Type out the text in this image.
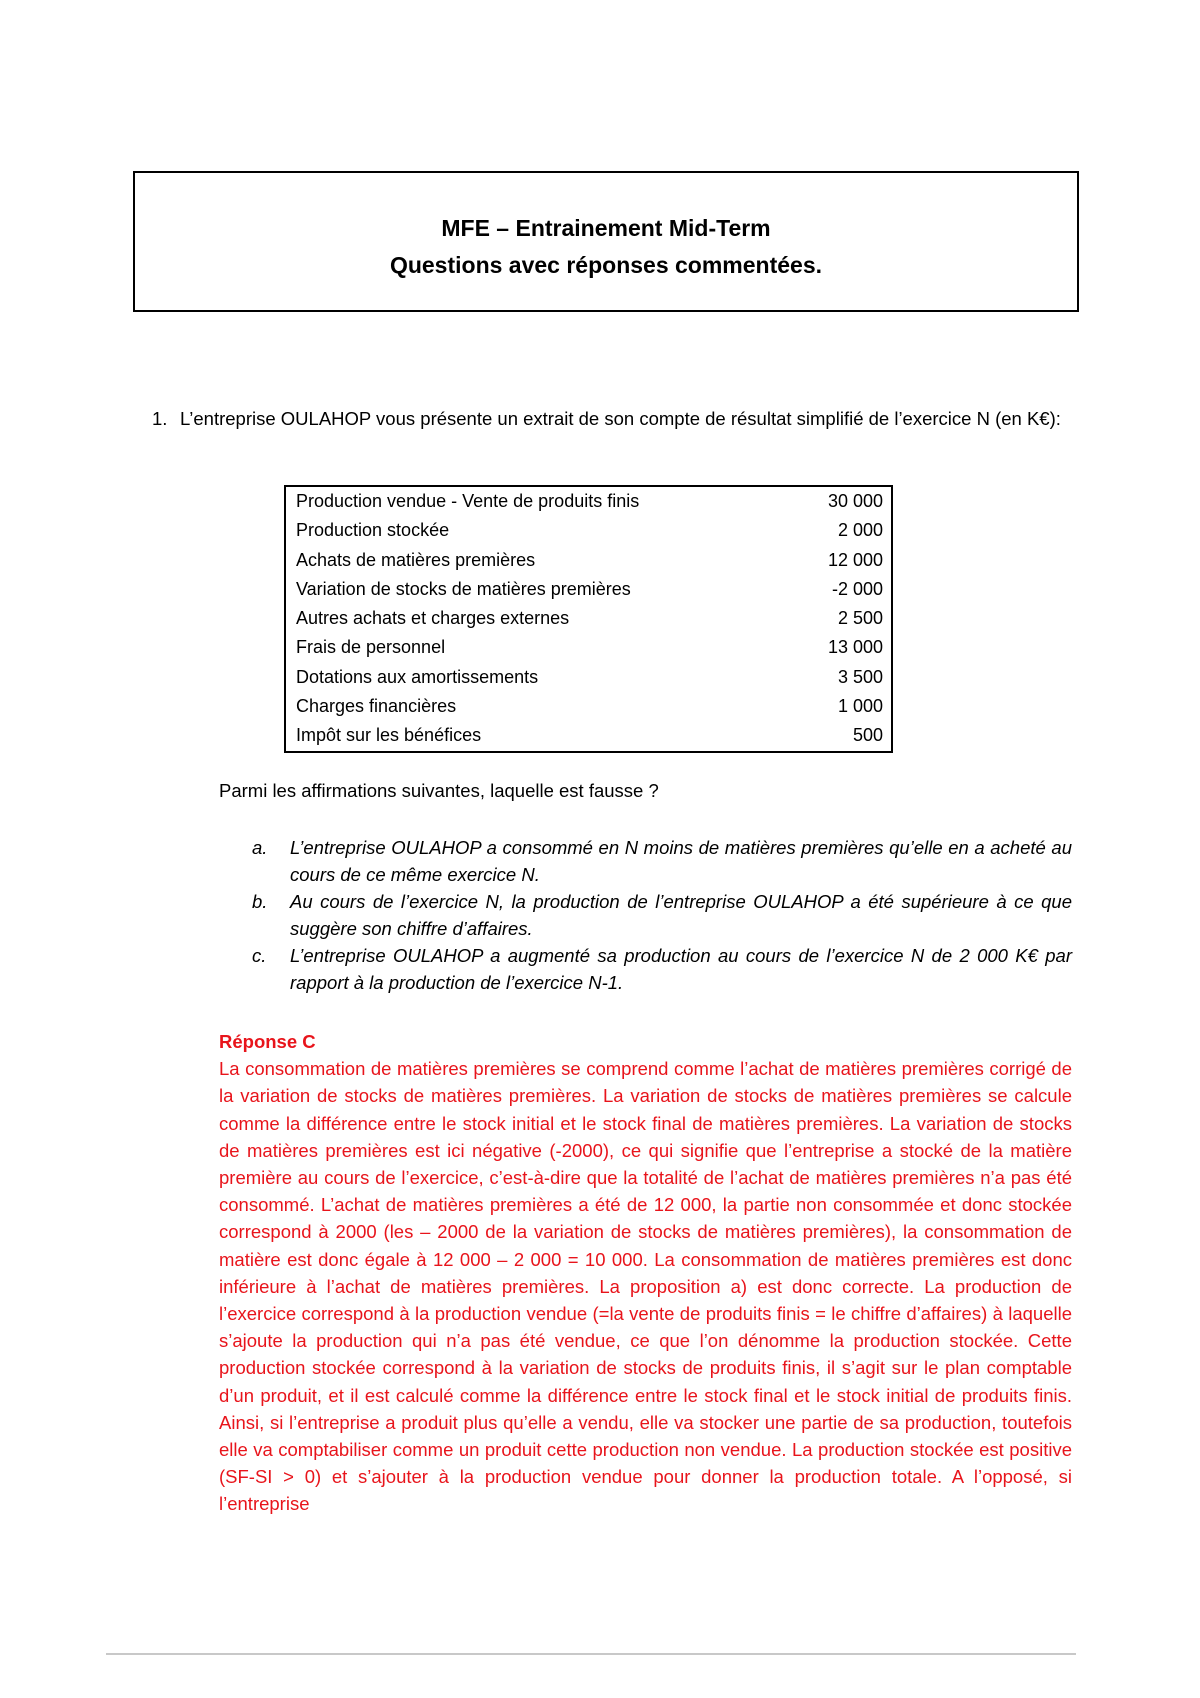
MFE – Entrainement Mid-Term
Questions avec réponses commentées.
1. L’entreprise OULAHOP vous présente un extrait de son compte de résultat simplifié de l’exercice N (en K€):
Production vendue - Vente de produits finis	30 000
Production stockée	2 000
Achats de matières premières	12 000
Variation de stocks de matières premières	-2 000
Autres achats et charges externes	2 500
Frais de personnel	13 000
Dotations aux amortissements	3 500
Charges financières	1 000
Impôt sur les bénéfices	500
Parmi les affirmations suivantes, laquelle est fausse ?
a. L’entreprise OULAHOP a consommé en N moins de matières premières qu’elle en a acheté au cours de ce même exercice N.
b. Au cours de l’exercice N, la production de l’entreprise OULAHOP a été supérieure à ce que suggère son chiffre d’affaires.
c. L’entreprise OULAHOP a augmenté sa production au cours de l’exercice N de 2 000 K€ par rapport à la production de l’exercice N-1.
Réponse C
La consommation de matières premières se comprend comme l’achat de matières premières corrigé de la variation de stocks de matières premières. La variation de stocks de matières premières se calcule comme la différence entre le stock initial et le stock final de matières premières. La variation de stocks de matières premières est ici négative (-2000), ce qui signifie que l’entreprise a stocké de la matière première au cours de l’exercice, c’est-à-dire que la totalité de l’achat de matières premières n’a pas été consommé. L’achat de matières premières a été de 12 000, la partie non consommée et donc stockée correspond à 2000 (les – 2000 de la variation de stocks de matières premières), la consommation de matière est donc égale à 12 000 – 2 000 = 10 000. La consommation de matières premières est donc inférieure à l’achat de matières premières. La proposition a) est donc correcte. La production de l’exercice correspond à la production vendue (=la vente de produits finis = le chiffre d’affaires) à laquelle s’ajoute la production qui n’a pas été vendue, ce que l’on dénomme la production stockée. Cette production stockée correspond à la variation de stocks de produits finis, il s’agit sur le plan comptable d’un produit, et il est calculé comme la différence entre le stock final et le stock initial de produits finis. Ainsi, si l’entreprise a produit plus qu’elle a vendu, elle va stocker une partie de sa production, toutefois elle va comptabiliser comme un produit cette production non vendue. La production stockée est positive (SF-SI > 0) et s’ajouter à la production vendue pour donner la production totale. A l’opposé, si l’entreprise
